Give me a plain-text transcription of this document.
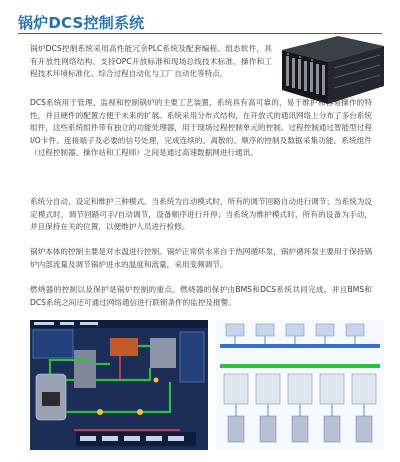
锅炉DCS控制系统

锅炉DCS控制系统采用高性能冗余PLC系统及配套编程、组态软件，具有开放性网络结构、支持OPC开放标准和现场总线技术标准、操作和工程技术环境标准化、综合过程自动化与工厂自动化等特点。

DCS系统用于管理、监视和控制锅炉的主要工艺装置，系统具有高可靠的，易于维护和容易操作的特性，并且硬件的配置方便于未来的扩展。系统采用分布式结构，在开放式的通讯网络上分布了多台系统组件，这些系统组件带有独立的功能处理器，用于现场过程控制单元的控制。过程控制通过智能型过程I/O卡件、连接端子及必要的信号处理，完成连续的、离散的、顺序的控制及数据采集功能。系统组件（过程控制器、操作站和工程师）之间是通过高速数据网进行通讯。

系统分自动、设定和维护三种模式。当系统为自动模式时，所有的调节回路自动进行调节；当系统为设定模式时，调节回路可手/自动调节，设备顺序进行开停；当系统为维护模式时，所有的设备为手动，并且保持在关的位置，以便维护人员进行检修。

锅炉本体的控制主要是对水温进行控制。锅炉正常供水来自于热网循环泵，锅炉循环泵主要用于保持锅炉内部流量及调节锅炉进水的温度和流量，采用变频调节。

燃烧器的控制以及保护是锅炉控制的重点。燃烧器的保护由BMS和DCS系统共同完成，并且BMS和DCS系统之间还可通过网络通信进行联锁条件的监控及报警。
